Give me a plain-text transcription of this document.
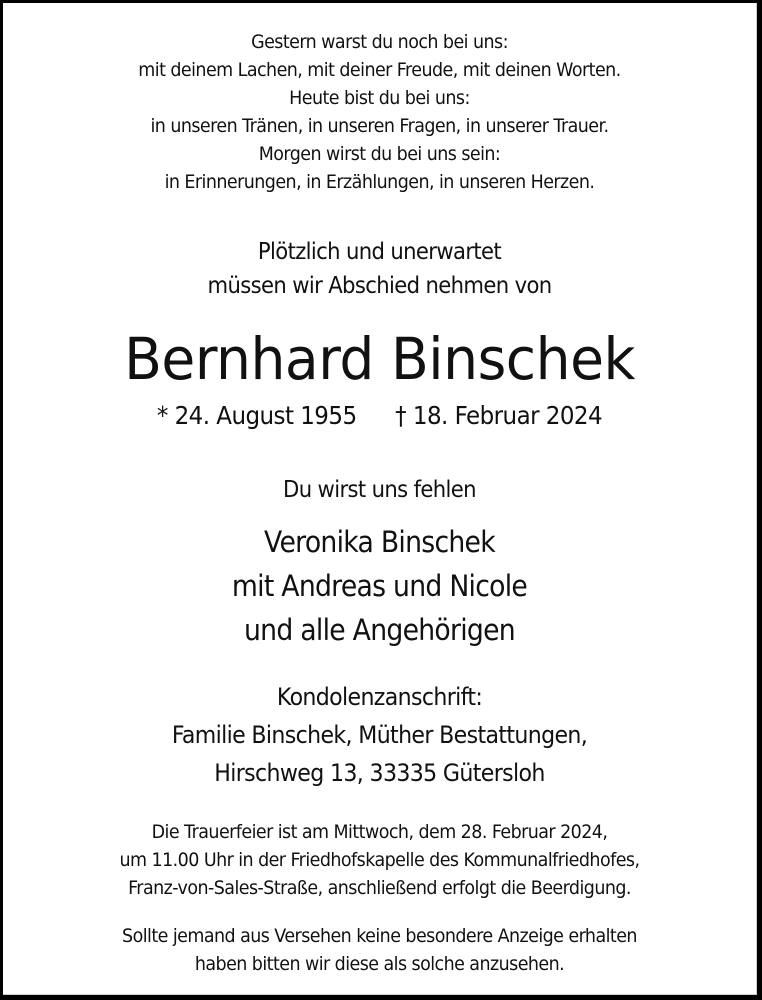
Gestern warst du noch bei uns:
mit deinem Lachen, mit deiner Freude, mit deinen Worten.
Heute bist du bei uns:
in unseren Tränen, in unseren Fragen, in unserer Trauer.
Morgen wirst du bei uns sein:
in Erinnerungen, in Erzählungen, in unseren Herzen.
Plötzlich und unerwartet
müssen wir Abschied nehmen von
Bernhard Binschek
* 24. August 1955 † 18. Februar 2024
Du wirst uns fehlen
Veronika Binschek
mit Andreas und Nicole
und alle Angehörigen
Kondolenzanschrift:
Familie Binschek, Müther Bestattungen,
Hirschweg 13, 33335 Gütersloh
Die Trauerfeier ist am Mittwoch, dem 28. Februar 2024,
um 11.00 Uhr in der Friedhofskapelle des Kommunalfriedhofes,
Franz-von-Sales-Straße, anschließend erfolgt die Beerdigung.
Sollte jemand aus Versehen keine besondere Anzeige erhalten
haben bitten wir diese als solche anzusehen.
